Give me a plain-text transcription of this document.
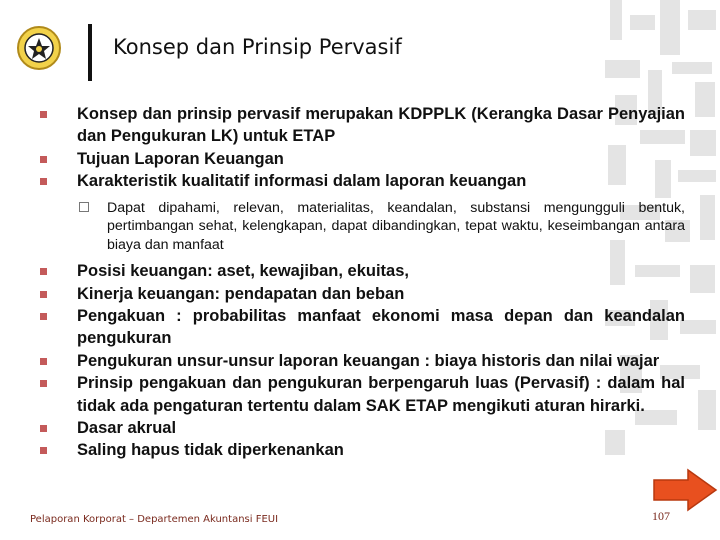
Konsep dan Prinsip Pervasif
Konsep dan prinsip pervasif merupakan KDPPLK (Kerangka Dasar Penyajian dan Pengukuran LK) untuk ETAP
Tujuan Laporan Keuangan
Karakteristik kualitatif informasi dalam laporan keuangan
Dapat dipahami, relevan, materialitas, keandalan, substansi mengungguli bentuk, pertimbangan sehat, kelengkapan, dapat dibandingkan, tepat waktu, keseimbangan antara biaya dan manfaat
Posisi keuangan: aset, kewajiban, ekuitas,
Kinerja keuangan: pendapatan dan beban
Pengakuan : probabilitas manfaat ekonomi masa depan dan keandalan pengukuran
Pengukuran unsur-unsur laporan keuangan : biaya historis dan nilai wajar
Prinsip pengakuan dan pengukuran berpengaruh luas (Pervasif) : dalam hal tidak ada pengaturan tertentu dalam SAK ETAP mengikuti aturan hirarki.
Dasar akrual
Saling hapus tidak diperkenankan
Pelaporan Korporat – Departemen Akuntansi FEUI	107
